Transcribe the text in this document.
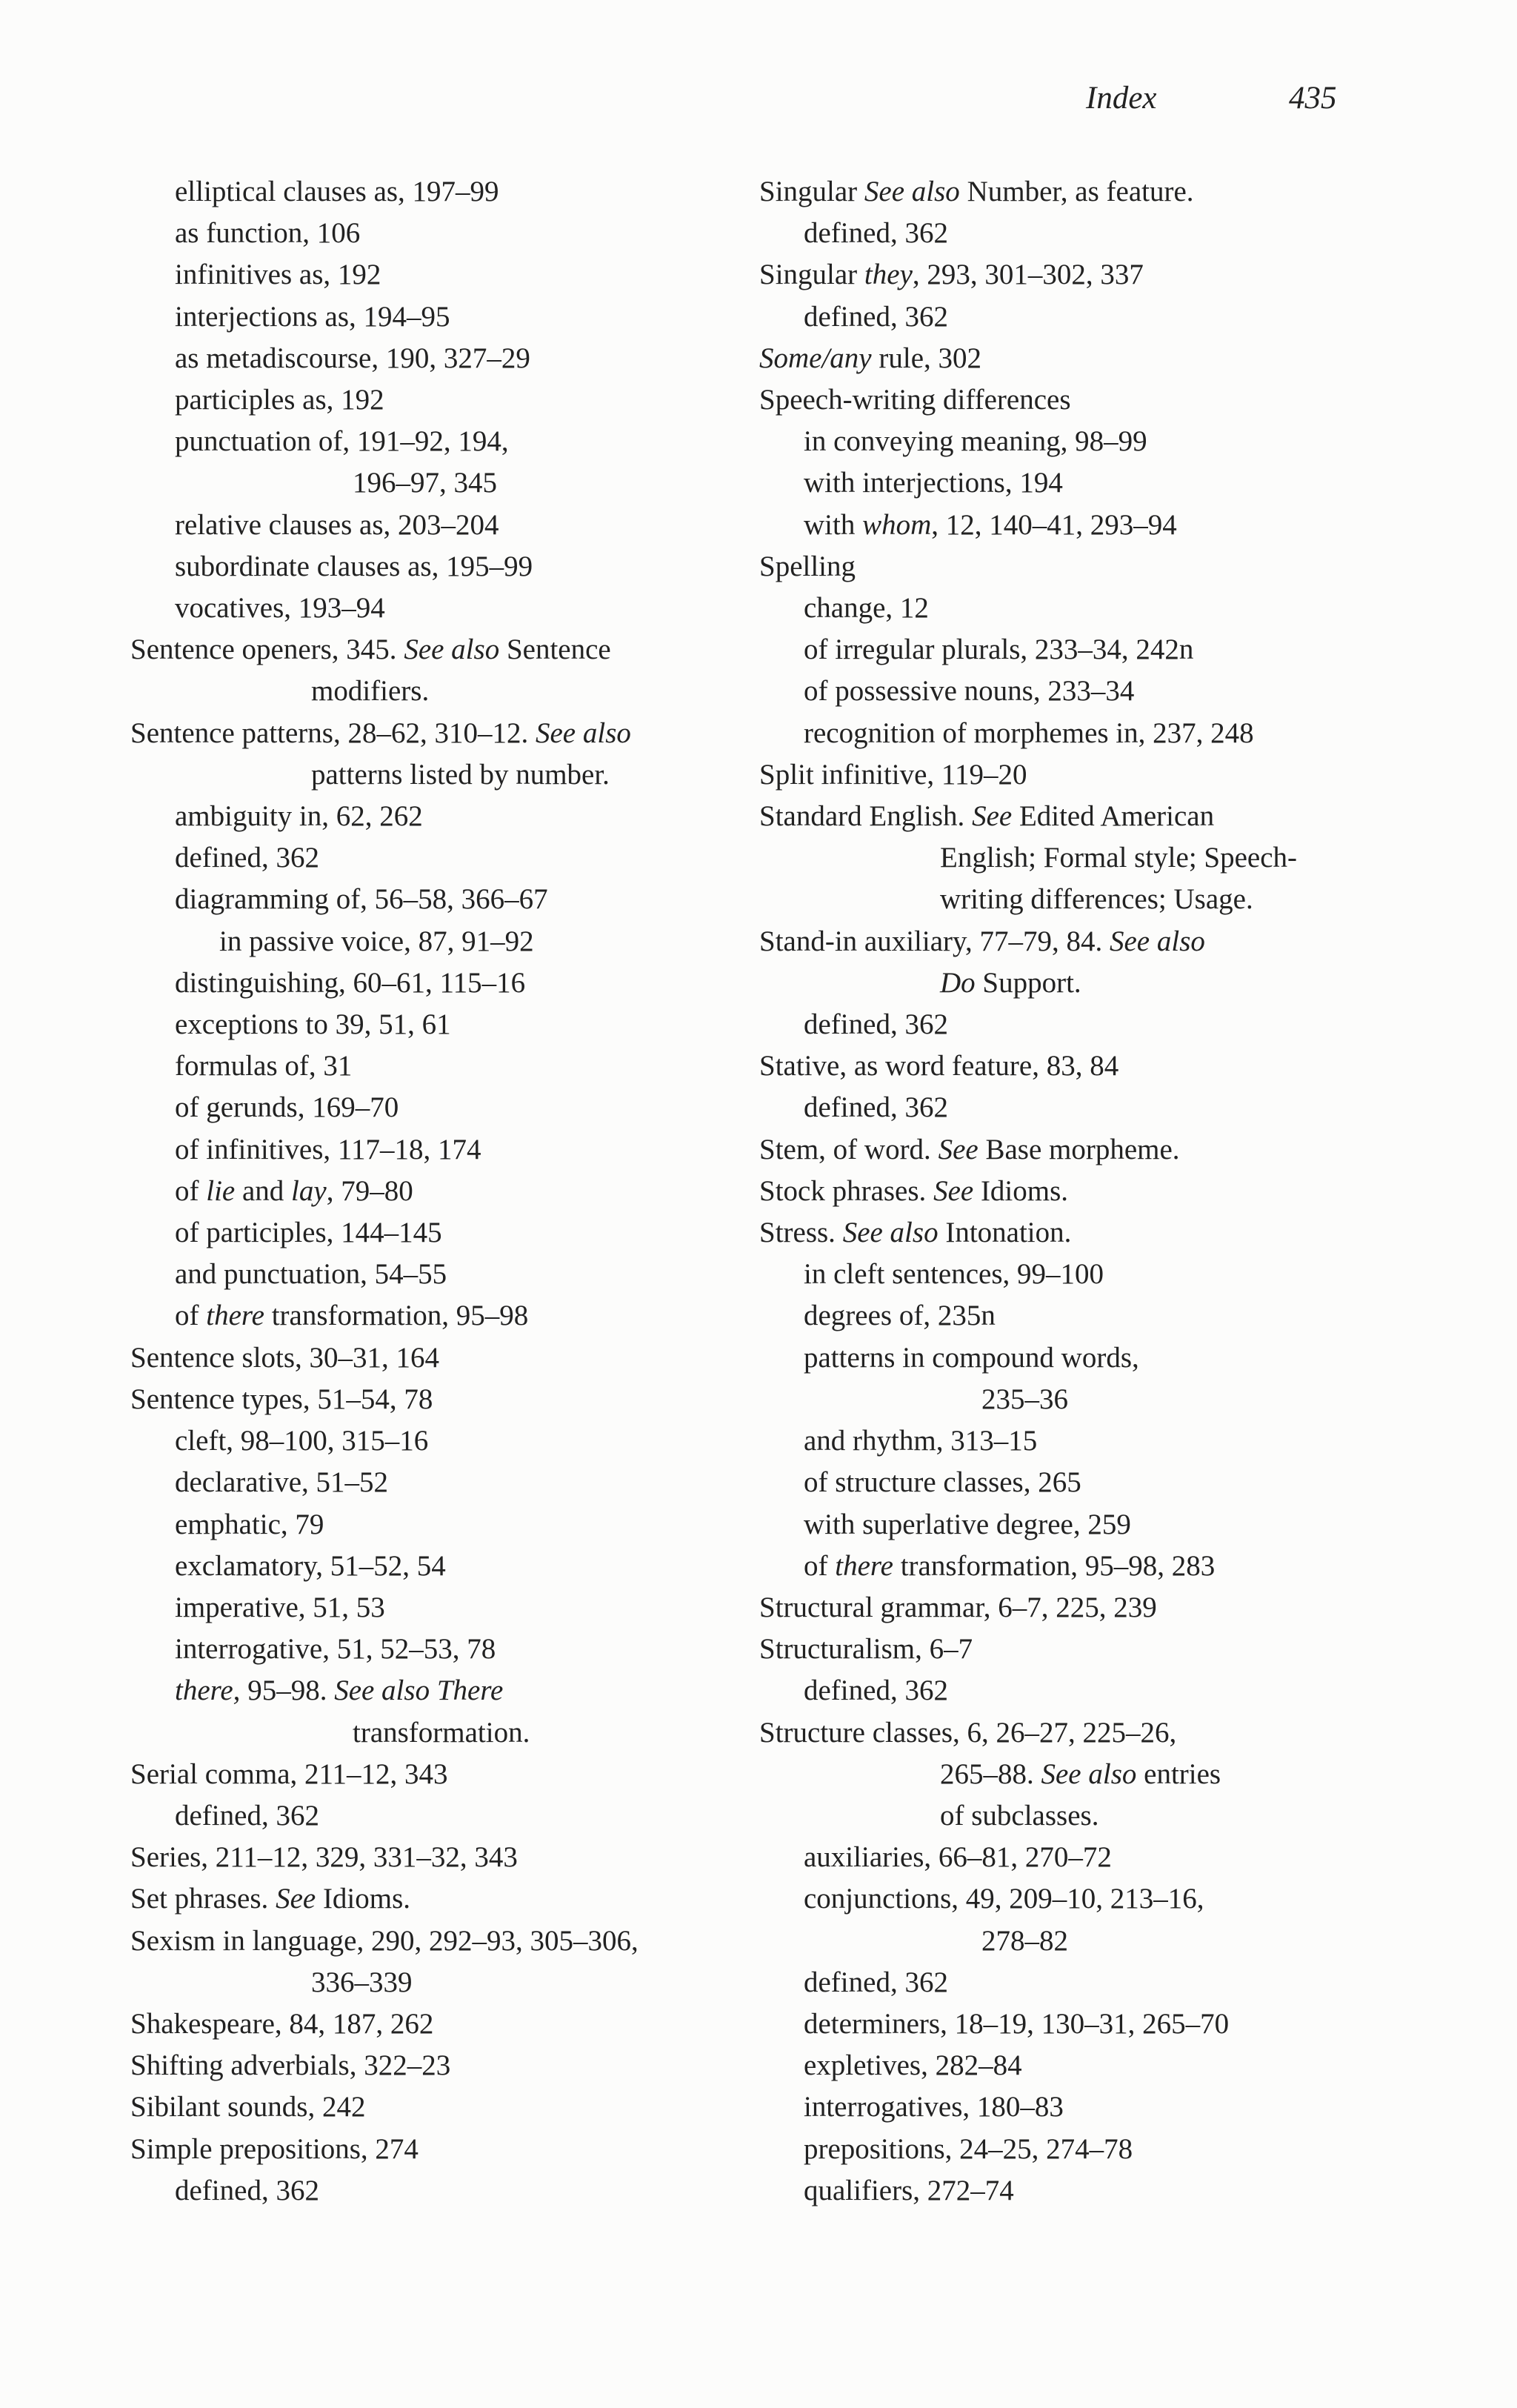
Index	435
elliptical clauses as, 197–99
as function, 106
infinitives as, 192
interjections as, 194–95
as metadiscourse, 190, 327–29
participles as, 192
punctuation of, 191–92, 194,
196–97, 345
relative clauses as, 203–204
subordinate clauses as, 195–99
vocatives, 193–94
Sentence openers, 345. See also Sentence
modifiers.
Sentence patterns, 28–62, 310–12. See also
patterns listed by number.
ambiguity in, 62, 262
defined, 362
diagramming of, 56–58, 366–67
in passive voice, 87, 91–92
distinguishing, 60–61, 115–16
exceptions to 39, 51, 61
formulas of, 31
of gerunds, 169–70
of infinitives, 117–18, 174
of lie and lay, 79–80
of participles, 144–145
and punctuation, 54–55
of there transformation, 95–98
Sentence slots, 30–31, 164
Sentence types, 51–54, 78
cleft, 98–100, 315–16
declarative, 51–52
emphatic, 79
exclamatory, 51–52, 54
imperative, 51, 53
interrogative, 51, 52–53, 78
there, 95–98. See also There
transformation.
Serial comma, 211–12, 343
defined, 362
Series, 211–12, 329, 331–32, 343
Set phrases. See Idioms.
Sexism in language, 290, 292–93, 305–306,
336–339
Shakespeare, 84, 187, 262
Shifting adverbials, 322–23
Sibilant sounds, 242
Simple prepositions, 274
defined, 362
Singular See also Number, as feature.
defined, 362
Singular they, 293, 301–302, 337
defined, 362
Some/any rule, 302
Speech-writing differences
in conveying meaning, 98–99
with interjections, 194
with whom, 12, 140–41, 293–94
Spelling
change, 12
of irregular plurals, 233–34, 242n
of possessive nouns, 233–34
recognition of morphemes in, 237, 248
Split infinitive, 119–20
Standard English. See Edited American
English; Formal style; Speech-
writing differences; Usage.
Stand-in auxiliary, 77–79, 84. See also
Do Support.
defined, 362
Stative, as word feature, 83, 84
defined, 362
Stem, of word. See Base morpheme.
Stock phrases. See Idioms.
Stress. See also Intonation.
in cleft sentences, 99–100
degrees of, 235n
patterns in compound words,
235–36
and rhythm, 313–15
of structure classes, 265
with superlative degree, 259
of there transformation, 95–98, 283
Structural grammar, 6–7, 225, 239
Structuralism, 6–7
defined, 362
Structure classes, 6, 26–27, 225–26,
265–88. See also entries
of subclasses.
auxiliaries, 66–81, 270–72
conjunctions, 49, 209–10, 213–16,
278–82
defined, 362
determiners, 18–19, 130–31, 265–70
expletives, 282–84
interrogatives, 180–83
prepositions, 24–25, 274–78
qualifiers, 272–74
